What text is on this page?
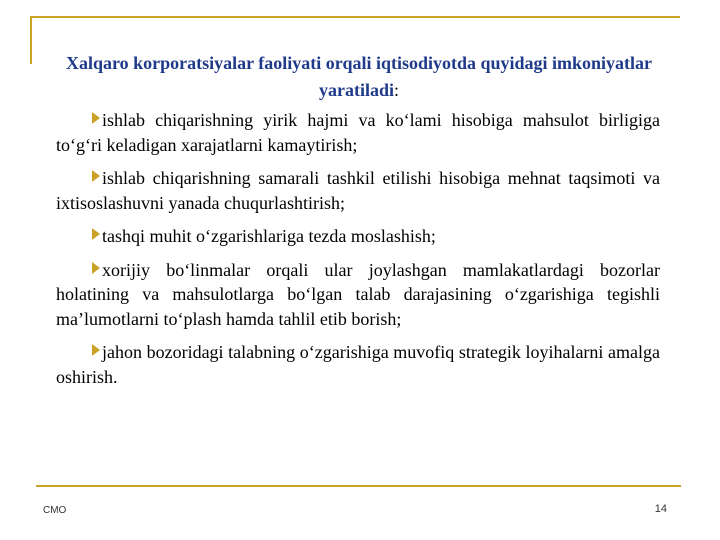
Xalqaro korporatsiyalar faoliyati orqali iqtisodiyotda quyidagi imkoniyatlar yaratiladi:
ishlab chiqarishning yirik hajmi va ko‘lami hisobiga mahsulot birligiga to‘g‘ri keladigan xarajatlarni kamaytirish;
ishlab chiqarishning samarali tashkil etilishi hisobiga mehnat taqsimoti va ixtisoslashuvni yanada chuqurlashtirish;
tashqi muhit o‘zgarishlariga tezda moslashish;
xorijiy bo‘linmalar orqali ular joylashgan mamlakatlardagi bozorlar holatining va mahsulotlarga bo‘lgan talab darajasining o‘zgarishiga tegishli ma’lumotlarni to‘plash hamda tahlil etib borish;
jahon bozoridagi talabning o‘zgarishiga muvofiq strategik loyihalarni amalga oshirish.
CMO	14
